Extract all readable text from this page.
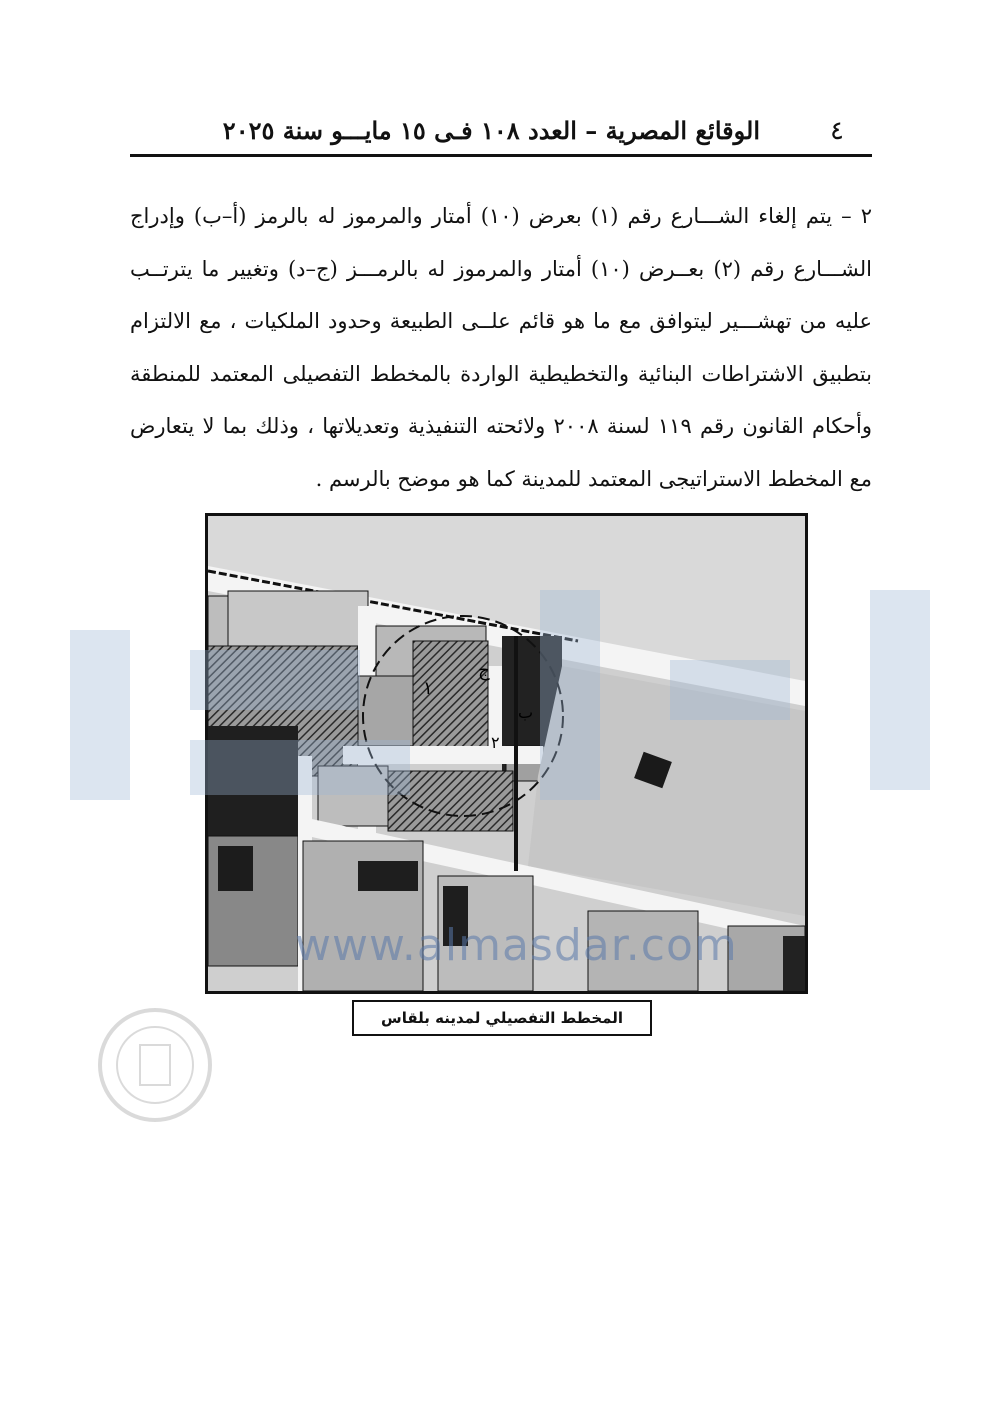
٤
الوقائع المصرية – العدد ١٠٨ فـى ١٥ مايـــو سنة ٢٠٢٥

٢ – يتم إلغاء الشـــارع رقم (١) بعرض (١٠) أمتار والمرموز له بالرمز (أ–ب) وإدراج الشـــارع رقم (٢) بعــرض (١٠) أمتار والمرموز له بالرمـــز (ج–د) وتغيير ما يترتــب عليه من تهشـــير ليتوافق مع ما هو قائم علــى الطبيعة وحدود الملكيات ، مع الالتزام بتطبيق الاشتراطات البنائية والتخطيطية الواردة بالمخطط التفصيلى المعتمد للمنطقة وأحكام القانون رقم ١١٩ لسنة ٢٠٠٨ ولائحته التنفيذية وتعديلاتها ، وذلك بما لا يتعارض مع المخطط الاستراتيجى المعتمد للمدينة كما هو موضح بالرسم .

١
٢
ب
ج
المخطط التفصيلي لمدينه بلقاس
www.almasdar.com
